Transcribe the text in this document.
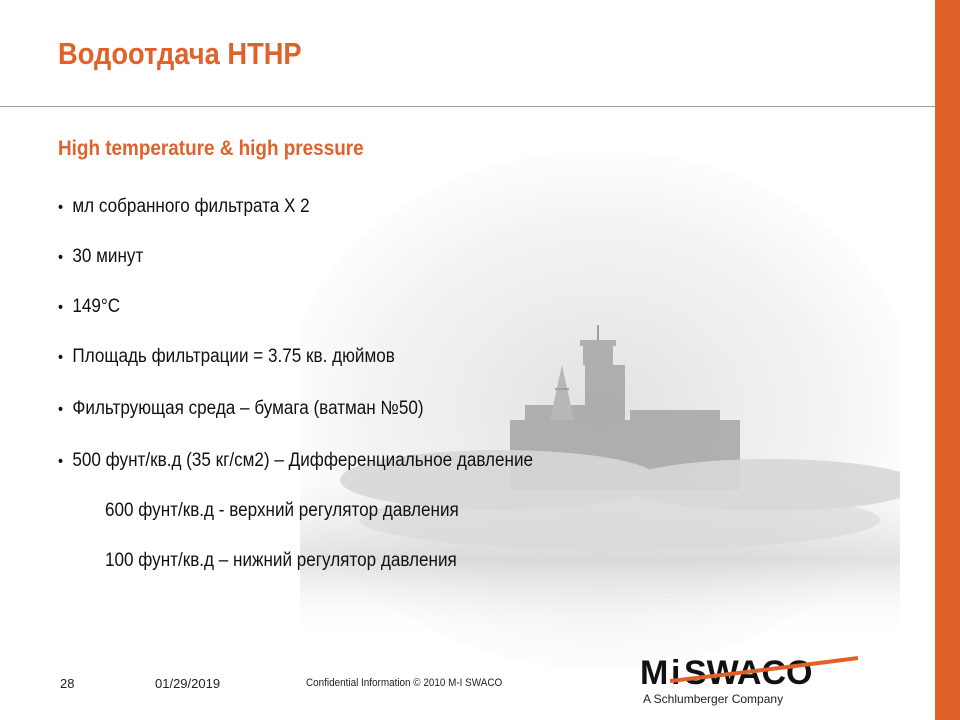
Водоотдача НТНР
High temperature & high pressure
• мл собранного фильтрата Х 2
• 30 минут
• 149°С
• Площадь фильтрации = 3.75 кв. дюймов
• Фильтрующая среда – бумага (ватман №50)
• 500 фунт/кв.д (35 кг/см2) – Дифференциальное давление
600 фунт/кв.д - верхний регулятор давления
100 фунт/кв.д – нижний регулятор давления
28	01/29/2019	Confidential Information © 2010 M-I SWACO	M i SWACO
A Schlumberger Company
